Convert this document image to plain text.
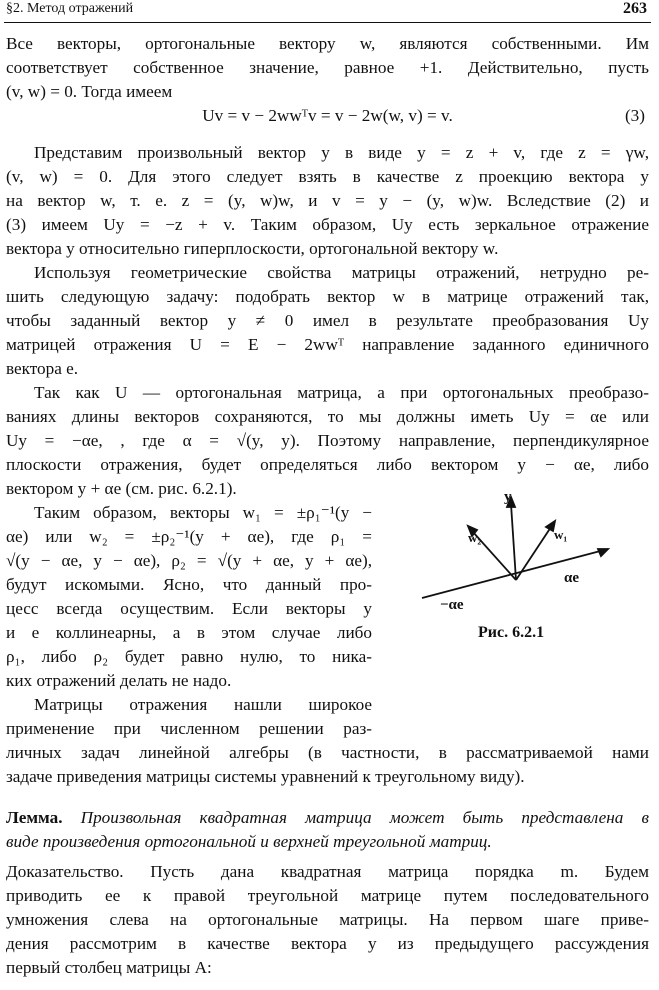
§2. Метод отражений	263
Все векторы, ортогональные вектору w, являются собственными. Им
соответствует собственное значение, равное +1. Действительно, пусть
(v, w) = 0. Тогда имеем
Uv = v − 2wwᵀv = v − 2w(w, v) = v.	(3)
Представим произвольный вектор y в виде y = z + v, где z = γw,
(v, w) = 0. Для этого следует взять в качестве z проекцию вектора y
на вектор w, т. е. z = (y, w)w, и v = y − (y, w)w. Вследствие (2) и
(3) имеем Uy = −z + v. Таким образом, Uy есть зеркальное отражение
вектора y относительно гиперплоскости, ортогональной вектору w.
Используя геометрические свойства матрицы отражений, нетрудно ре-
шить следующую задачу: подобрать вектор w в матрице отражений так,
чтобы заданный вектор y ≠ 0 имел в результате преобразования Uy
матрицей отражения U = E − 2wwᵀ направление заданного единичного
вектора e.
Так как U — ортогональная матрица, а при ортогональных преобразо-
ваниях длины векторов сохраняются, то мы должны иметь Uy = αe или
Uy = −αe, , где α = √(y, y). Поэтому направление, перпендикулярное
плоскости отражения, будет определяться либо вектором y − αe, либо
вектором y + αe (см. рис. 6.2.1).
Таким образом, векторы w₁ = ±ρ₁⁻¹(y −
αe) или w₂ = ±ρ₂⁻¹(y + αe), где ρ₁ =
√(y − αe, y − αe), ρ₂ = √(y + αe, y + αe),
будут искомыми. Ясно, что данный про-
цесс всегда осуществим. Если векторы y
и e коллинеарны, а в этом случае либо
ρ₁, либо ρ₂ будет равно нулю, то ника-
ких отражений делать не надо.
Матрицы отражения нашли широкое
применение при численном решении раз-
личных задач линейной алгебры (в частности, в рассматриваемой нами
задаче приведения матрицы системы уравнений к треугольному виду).
y
w₂	w₁
αe
−αe
Рис. 6.2.1
Лемма. Произвольная квадратная матрица может быть представлена в
виде произведения ортогональной и верхней треугольной матриц.
Доказательство. Пусть дана квадратная матрица порядка m. Будем
приводить ее к правой треугольной матрице путем последовательного
умножения слева на ортогональные матрицы. На первом шаге приве-
дения рассмотрим в качестве вектора y из предыдущего рассуждения
первый столбец матрицы A:
